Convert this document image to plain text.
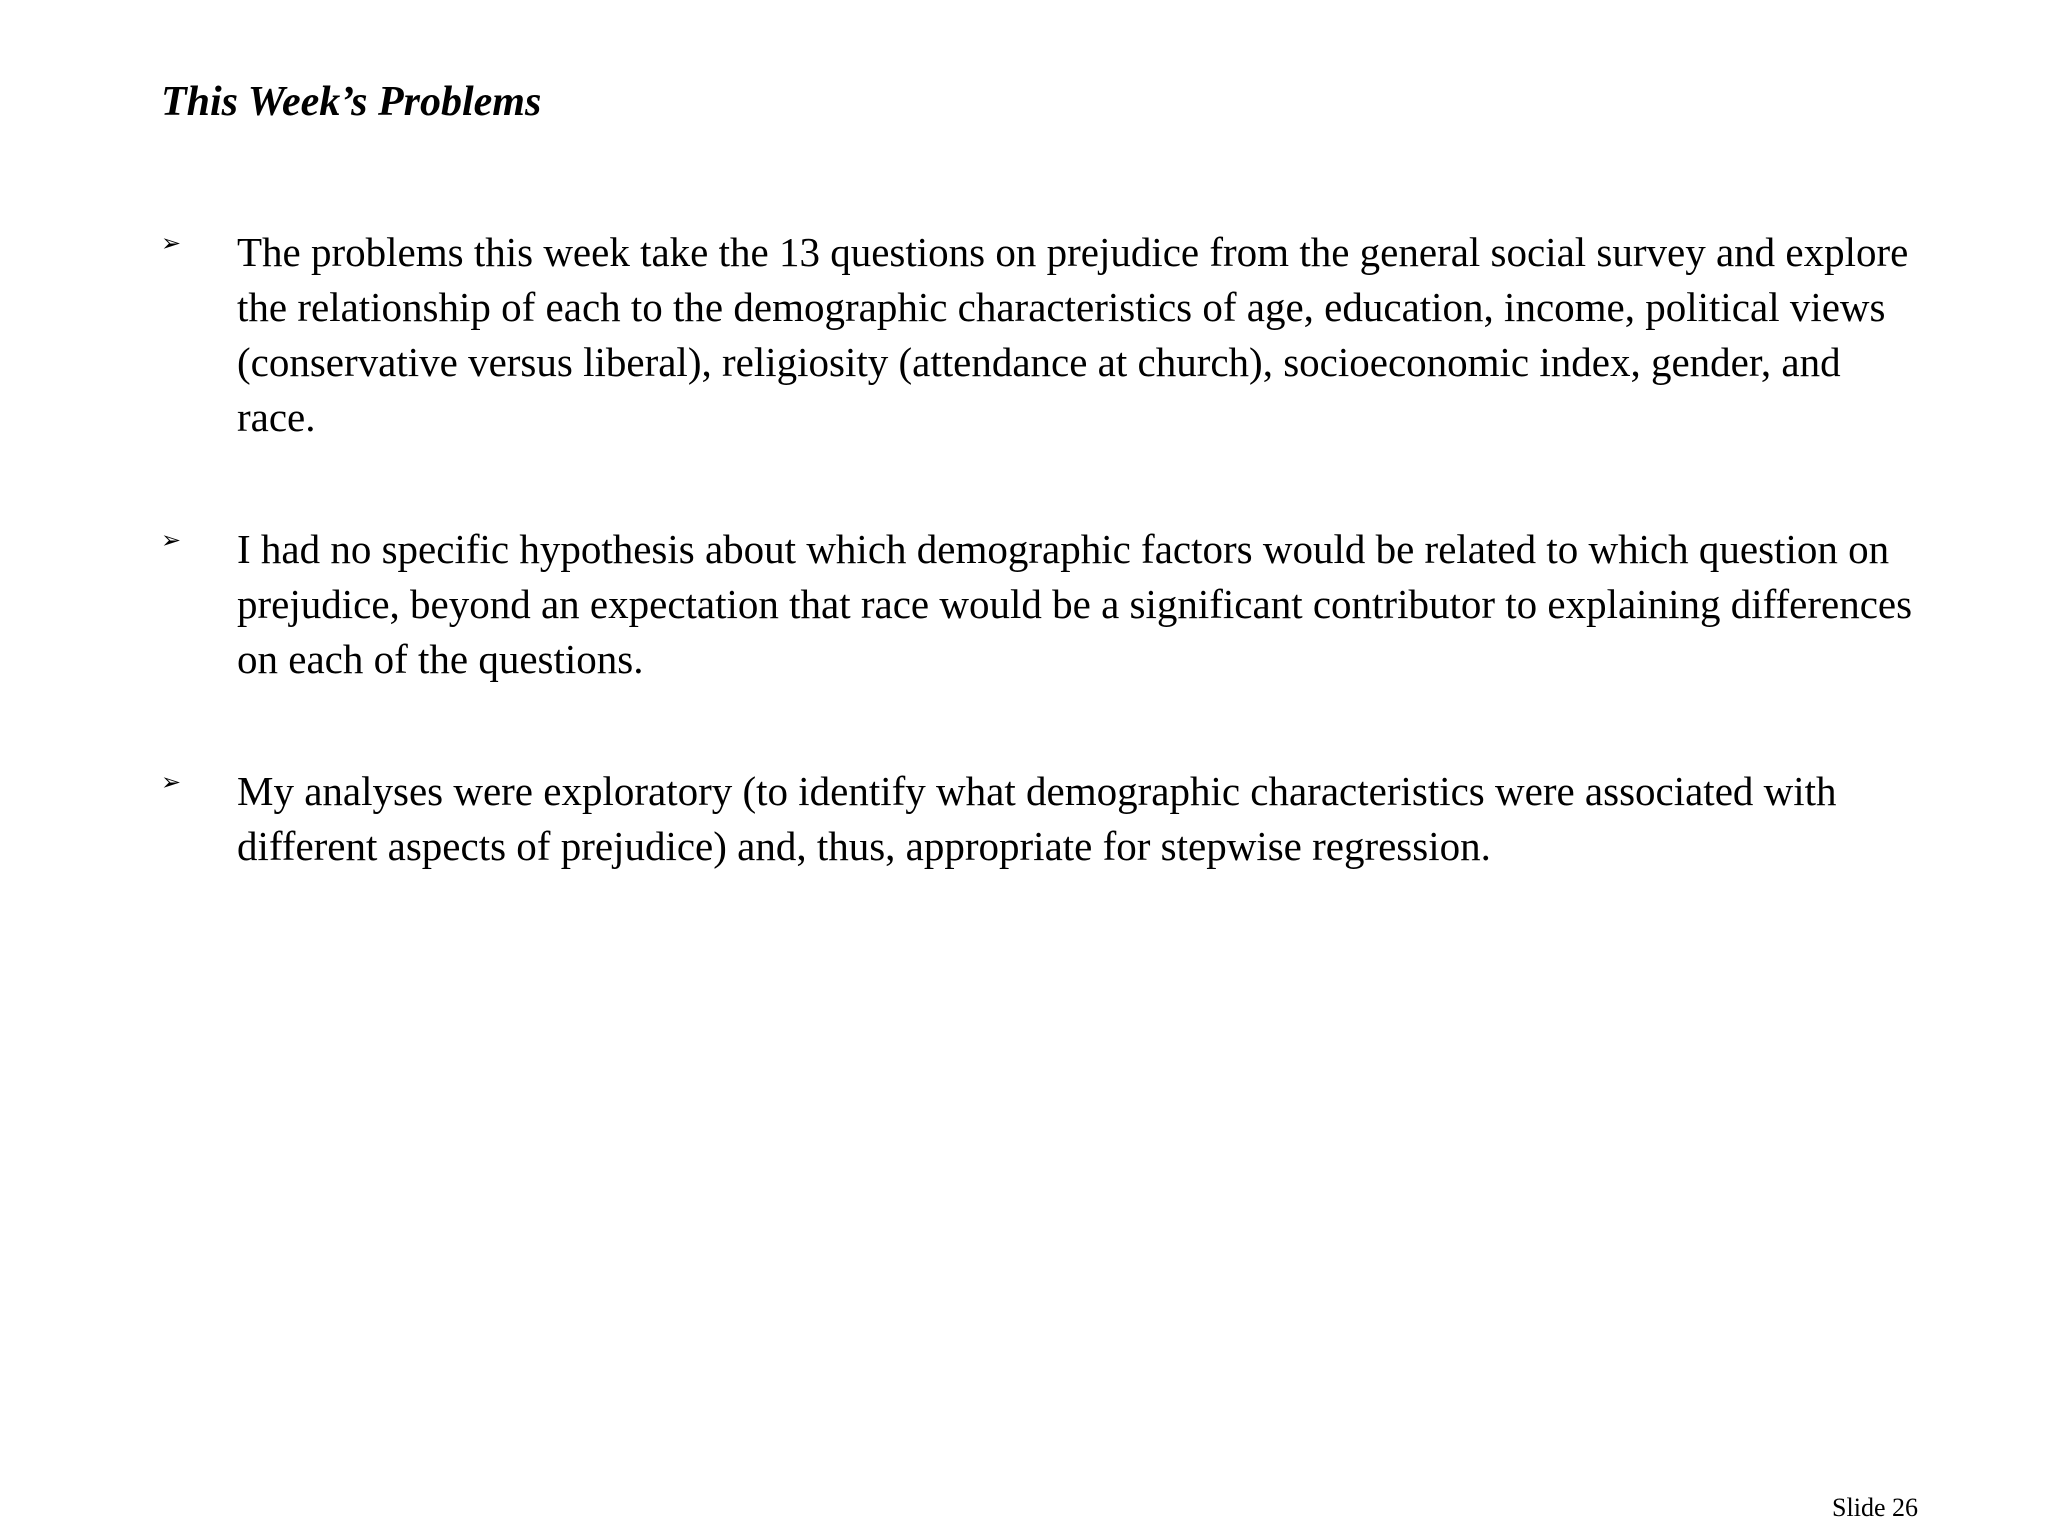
This Week’s Problems
➢ The problems this week take the 13 questions on prejudice from the general social survey and explore the relationship of each to the demographic characteristics of age, education, income, political views (conservative versus liberal), religiosity (attendance at church), socioeconomic index, gender, and race.
➢ I had no specific hypothesis about which demographic factors would be related to which question on prejudice, beyond an expectation that race would be a significant contributor to explaining differences on each of the questions.
➢ My analyses were exploratory (to identify what demographic characteristics were associated with different aspects of prejudice) and, thus, appropriate for stepwise regression.
Slide 26
